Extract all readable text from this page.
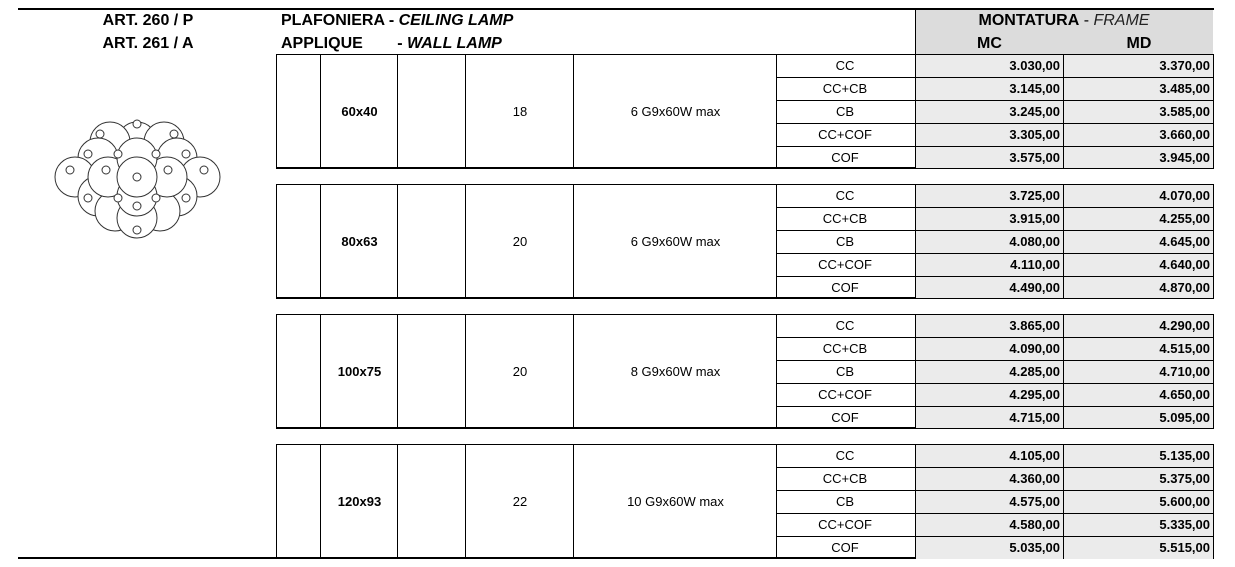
ART. 260 / P
ART. 261 / A
PLAFONIERA - CEILING LAMP
APPLIQUE - WALL LAMP
MONTATURA - FRAME
MC	MD
60x40	18	6 G9x60W max
CC	3.030,00	3.370,00
CC+CB	3.145,00	3.485,00
CB	3.245,00	3.585,00
CC+COF	3.305,00	3.660,00
COF	3.575,00	3.945,00
80x63	20	6 G9x60W max
CC	3.725,00	4.070,00
CC+CB	3.915,00	4.255,00
CB	4.080,00	4.645,00
CC+COF	4.110,00	4.640,00
COF	4.490,00	4.870,00
100x75	20	8 G9x60W max
CC	3.865,00	4.290,00
CC+CB	4.090,00	4.515,00
CB	4.285,00	4.710,00
CC+COF	4.295,00	4.650,00
COF	4.715,00	5.095,00
120x93	22	10 G9x60W max
CC	4.105,00	5.135,00
CC+CB	4.360,00	5.375,00
CB	4.575,00	5.600,00
CC+COF	4.580,00	5.335,00
COF	5.035,00	5.515,00
